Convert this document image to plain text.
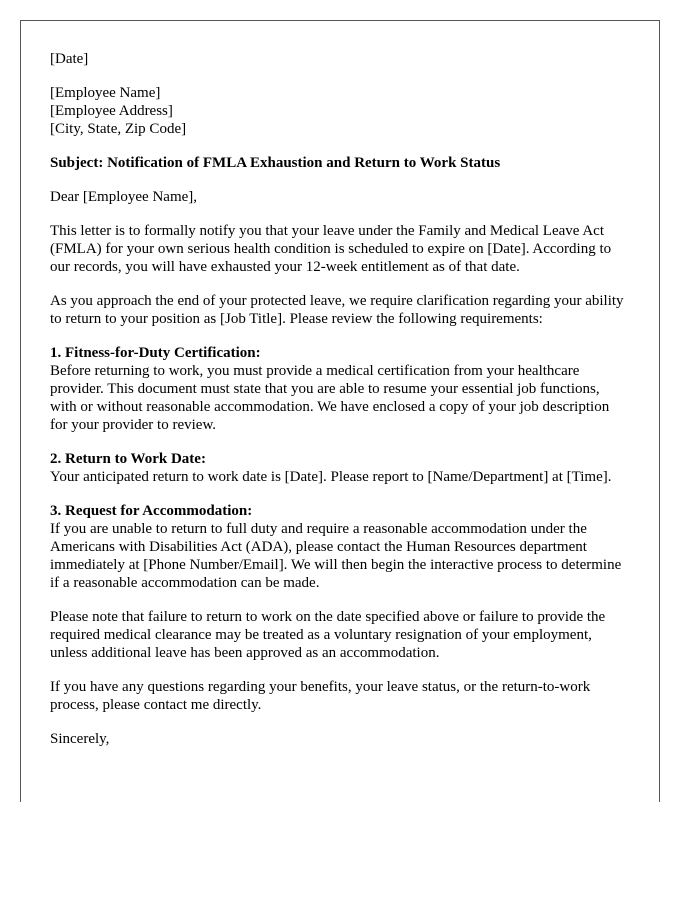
[Date]

[Employee Name]

[Employee Address]

[City, State, Zip Code]

Subject: Notification of FMLA Exhaustion and Return to Work Status

Dear [Employee Name],

This letter is to formally notify you that your leave under the Family and Medical Leave Act (FMLA) for your own serious health condition is scheduled to expire on [Date]. According to our records, you will have exhausted your 12-week entitlement as of that date.

As you approach the end of your protected leave, we require clarification regarding your ability to return to your position as [Job Title]. Please review the following requirements:

1. Fitness-for-Duty Certification:
Before returning to work, you must provide a medical certification from your healthcare provider. This document must state that you are able to resume your essential job functions, with or without reasonable accommodation. We have enclosed a copy of your job description for your provider to review.

2. Return to Work Date:
Your anticipated return to work date is [Date]. Please report to [Name/Department] at [Time].

3. Request for Accommodation:
If you are unable to return to full duty and require a reasonable accommodation under the Americans with Disabilities Act (ADA), please contact the Human Resources department immediately at [Phone Number/Email]. We will then begin the interactive process to determine if a reasonable accommodation can be made.

Please note that failure to return to work on the date specified above or failure to provide the required medical clearance may be treated as a voluntary resignation of your employment, unless additional leave has been approved as an accommodation.

If you have any questions regarding your benefits, your leave status, or the return-to-work process, please contact me directly.

Sincerely,
